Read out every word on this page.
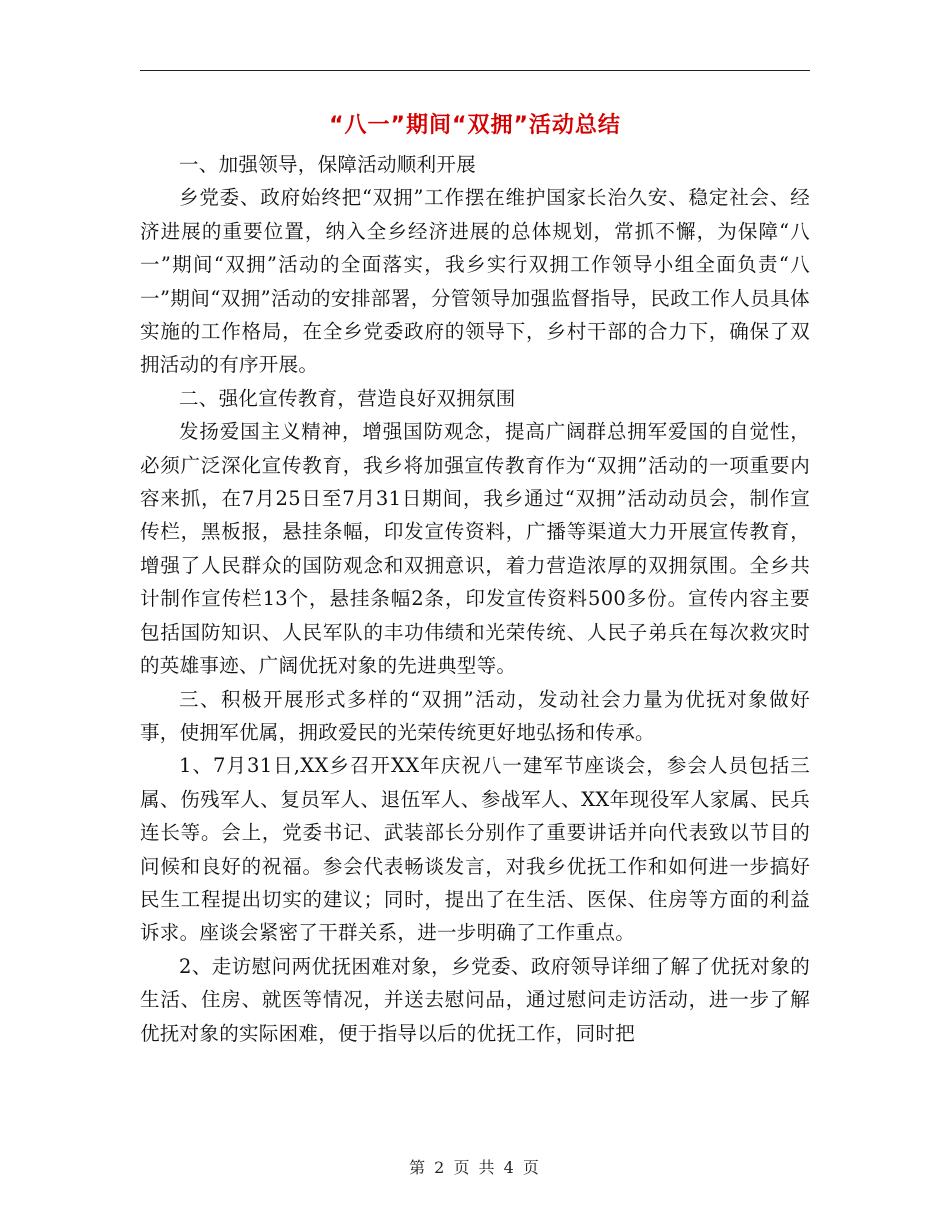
“八一”期间“双拥”活动总结

一、加强领导，保障活动顺利开展

乡党委、政府始终把“双拥”工作摆在维护国家长治久安、稳定社会、经济进展的重要位置，纳入全乡经济进展的总体规划，常抓不懈，为保障“八一”期间“双拥”活动的全面落实，我乡实行双拥工作领导小组全面负责“八一”期间“双拥”活动的安排部署，分管领导加强监督指导，民政工作人员具体实施的工作格局，在全乡党委政府的领导下，乡村干部的合力下，确保了双拥活动的有序开展。

二、强化宣传教育，营造良好双拥氛围

发扬爱国主义精神，增强国防观念，提高广阔群总拥军爱国的自觉性，必须广泛深化宣传教育，我乡将加强宣传教育作为“双拥”活动的一项重要内容来抓，在7月25日至7月31日期间，我乡通过“双拥”活动动员会，制作宣传栏，黑板报，悬挂条幅，印发宣传资料，广播等渠道大力开展宣传教育，增强了人民群众的国防观念和双拥意识，着力营造浓厚的双拥氛围。全乡共计制作宣传栏13个，悬挂条幅2条，印发宣传资料500多份。宣传内容主要包括国防知识、人民军队的丰功伟绩和光荣传统、人民子弟兵在每次救灾时的英雄事迹、广阔优抚对象的先进典型等。

三、积极开展形式多样的“双拥”活动，发动社会力量为优抚对象做好事，使拥军优属，拥政爱民的光荣传统更好地弘扬和传承。

1、7月31日,XX乡召开XX年庆祝八一建军节座谈会，参会人员包括三属、伤残军人、复员军人、退伍军人、参战军人、XX年现役军人家属、民兵连长等。会上，党委书记、武装部长分别作了重要讲话并向代表致以节目的问候和良好的祝福。参会代表畅谈发言，对我乡优抚工作和如何进一步搞好民生工程提出切实的建议；同时，提出了在生活、医保、住房等方面的利益诉求。座谈会紧密了干群关系，进一步明确了工作重点。

2、走访慰问两优抚困难对象，乡党委、政府领导详细了解了优抚对象的生活、住房、就医等情况，并送去慰问品，通过慰问走访活动，进一步了解优抚对象的实际困难，便于指导以后的优抚工作，同时把

第 2 页 共 4 页
